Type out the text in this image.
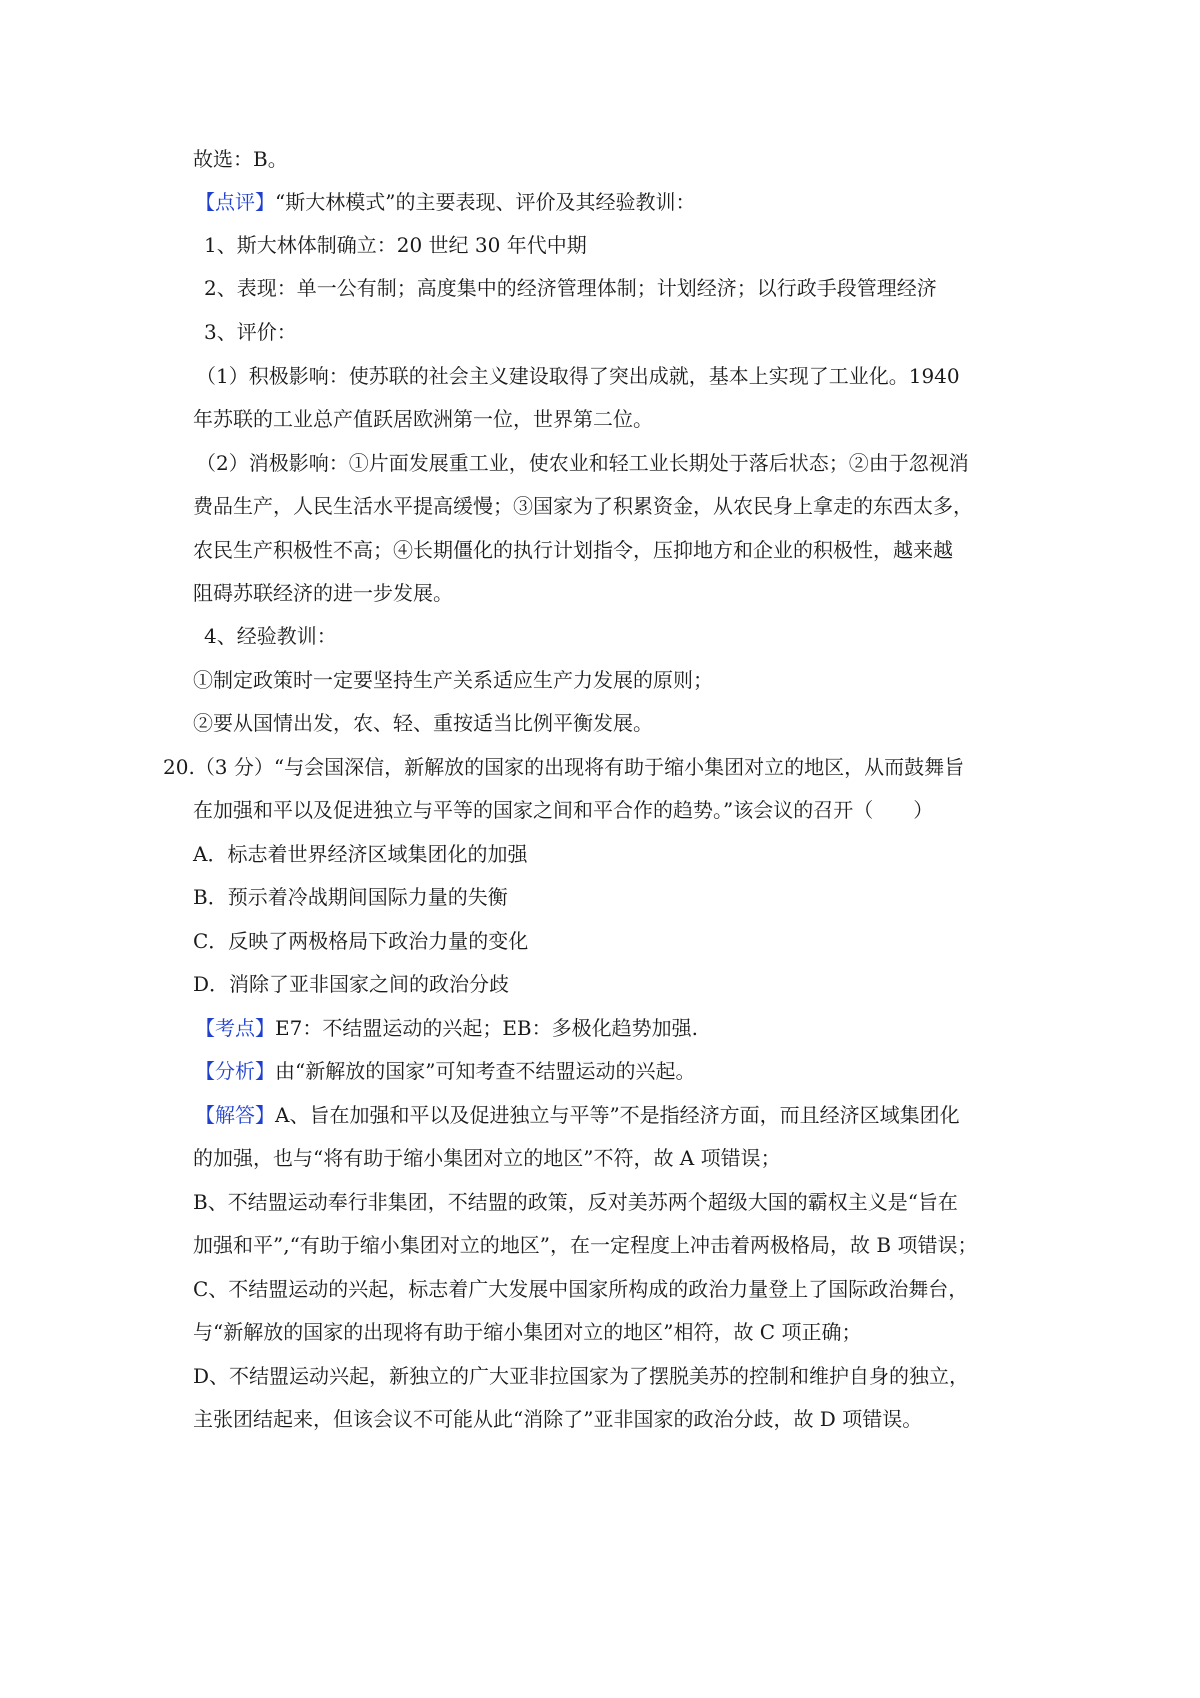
故选：B。
【点评】“斯大林模式”的主要表现、评价及其经验教训：
1、斯大林体制确立：20 世纪 30 年代中期
2、表现：单一公有制；高度集中的经济管理体制；计划经济；以行政手段管理经济
3、评价：
（1）积极影响：使苏联的社会主义建设取得了突出成就，基本上实现了工业化。1940
年苏联的工业总产值跃居欧洲第一位，世界第二位。
（2）消极影响：①片面发展重工业，使农业和轻工业长期处于落后状态；②由于忽视消
费品生产，人民生活水平提高缓慢；③国家为了积累资金，从农民身上拿走的东西太多，
农民生产积极性不高；④长期僵化的执行计划指令，压抑地方和企业的积极性，越来越
阻碍苏联经济的进一步发展。
4、经验教训：
①制定政策时一定要坚持生产关系适应生产力发展的原则；
②要从国情出发，农、轻、重按适当比例平衡发展。
20.（3 分）“与会国深信，新解放的国家的出现将有助于缩小集团对立的地区，从而鼓舞旨
在加强和平以及促进独立与平等的国家之间和平合作的趋势。”该会议的召开（　　）
A．标志着世界经济区域集团化的加强
B．预示着冷战期间国际力量的失衡
C．反映了两极格局下政治力量的变化
D．消除了亚非国家之间的政治分歧
【考点】E7：不结盟运动的兴起；EB：多极化趋势加强.
【分析】由“新解放的国家”可知考查不结盟运动的兴起。
【解答】A、旨在加强和平以及促进独立与平等”不是指经济方面，而且经济区域集团化
的加强，也与“将有助于缩小集团对立的地区”不符，故 A 项错误；
B、不结盟运动奉行非集团，不结盟的政策，反对美苏两个超级大国的霸权主义是“旨在
加强和平”,“有助于缩小集团对立的地区”，在一定程度上冲击着两极格局，故 B 项错误；
C、不结盟运动的兴起，标志着广大发展中国家所构成的政治力量登上了国际政治舞台，
与“新解放的国家的出现将有助于缩小集团对立的地区”相符，故 C 项正确；
D、不结盟运动兴起，新独立的广大亚非拉国家为了摆脱美苏的控制和维护自身的独立，
主张团结起来，但该会议不可能从此“消除了”亚非国家的政治分歧，故 D 项错误。
